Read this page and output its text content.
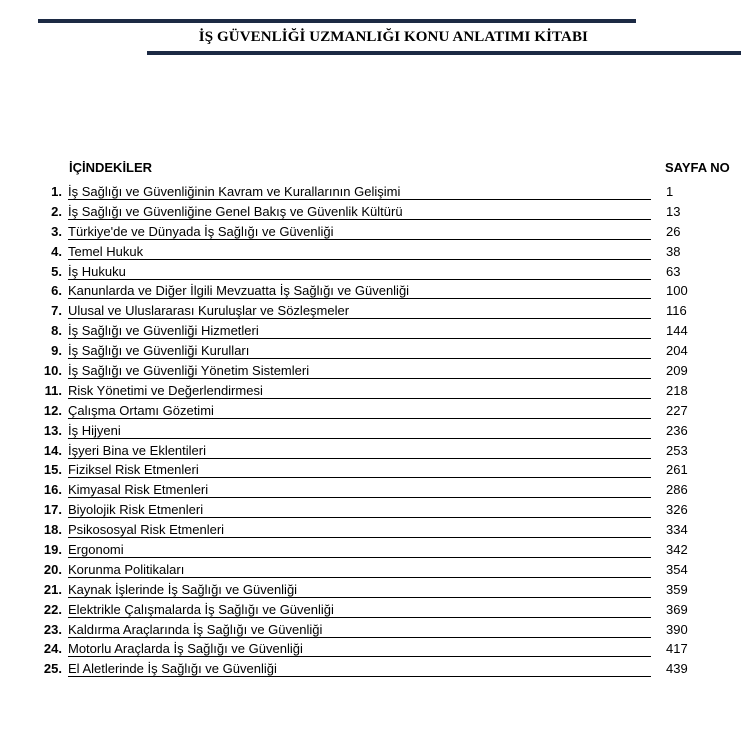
İŞ GÜVENLİĞİ UZMANLIĞI KONU ANLATIMI KİTABI
İÇİNDEKİLER	SAYFA NO
1. İş Sağlığı ve Güvenliğinin Kavram ve Kurallarının Gelişimi	1
2. İş Sağlığı ve Güvenliğine Genel Bakış ve Güvenlik Kültürü	13
3. Türkiye'de ve Dünyada İş Sağlığı ve Güvenliği	26
4. Temel Hukuk	38
5. İş Hukuku	63
6. Kanunlarda ve Diğer İlgili Mevzuatta İş Sağlığı ve Güvenliği	100
7. Ulusal ve Uluslararası Kuruluşlar ve Sözleşmeler	116
8. İş Sağlığı ve Güvenliği Hizmetleri	144
9. İş Sağlığı ve Güvenliği Kurulları	204
10. İş Sağlığı ve Güvenliği Yönetim Sistemleri	209
11. Risk Yönetimi ve Değerlendirmesi	218
12. Çalışma Ortamı Gözetimi	227
13. İş Hijyeni	236
14. İşyeri Bina ve Eklentileri	253
15. Fiziksel Risk Etmenleri	261
16. Kimyasal Risk Etmenleri	286
17. Biyolojik Risk Etmenleri	326
18. Psikososyal Risk Etmenleri	334
19. Ergonomi	342
20. Korunma Politikaları	354
21. Kaynak İşlerinde İş Sağlığı ve Güvenliği	359
22. Elektrikle Çalışmalarda İş Sağlığı ve Güvenliği	369
23. Kaldırma Araçlarında İş Sağlığı ve Güvenliği	390
24. Motorlu Araçlarda İş Sağlığı ve Güvenliği	417
25. El Aletlerinde İş Sağlığı ve Güvenliği	439
